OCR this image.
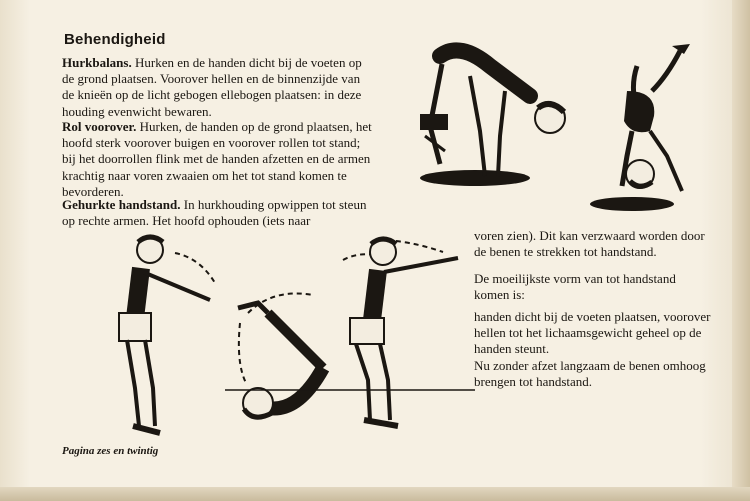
Behendigheid
Hurkbalans. Hurken en de handen dicht bij de voeten op de grond plaatsen. Voorover hellen en de binnenzijde van de knieën op de licht gebogen ellebogen plaatsen: in deze houding evenwicht bewaren.
Rol voorover. Hurken, de handen op de grond plaatsen, het hoofd sterk voorover buigen en voorover rollen tot stand; bij het doorrollen flink met de handen afzetten en de armen krachtig naar voren zwaaien om het tot stand komen te bevorderen.
Gehurkte handstand. In hurkhouding opwippen tot steun op rechte armen. Het hoofd ophouden (iets naar
voren zien). Dit kan verzwaard worden door de benen te strekken tot handstand.
De moeilijkste vorm van tot handstand komen is:
handen dicht bij de voeten plaatsen, voorover hellen tot het lichaamsgewicht geheel op de handen steunt.
Nu zonder afzet langzaam de benen omhoog brengen tot handstand.
Pagina zes en twintig
